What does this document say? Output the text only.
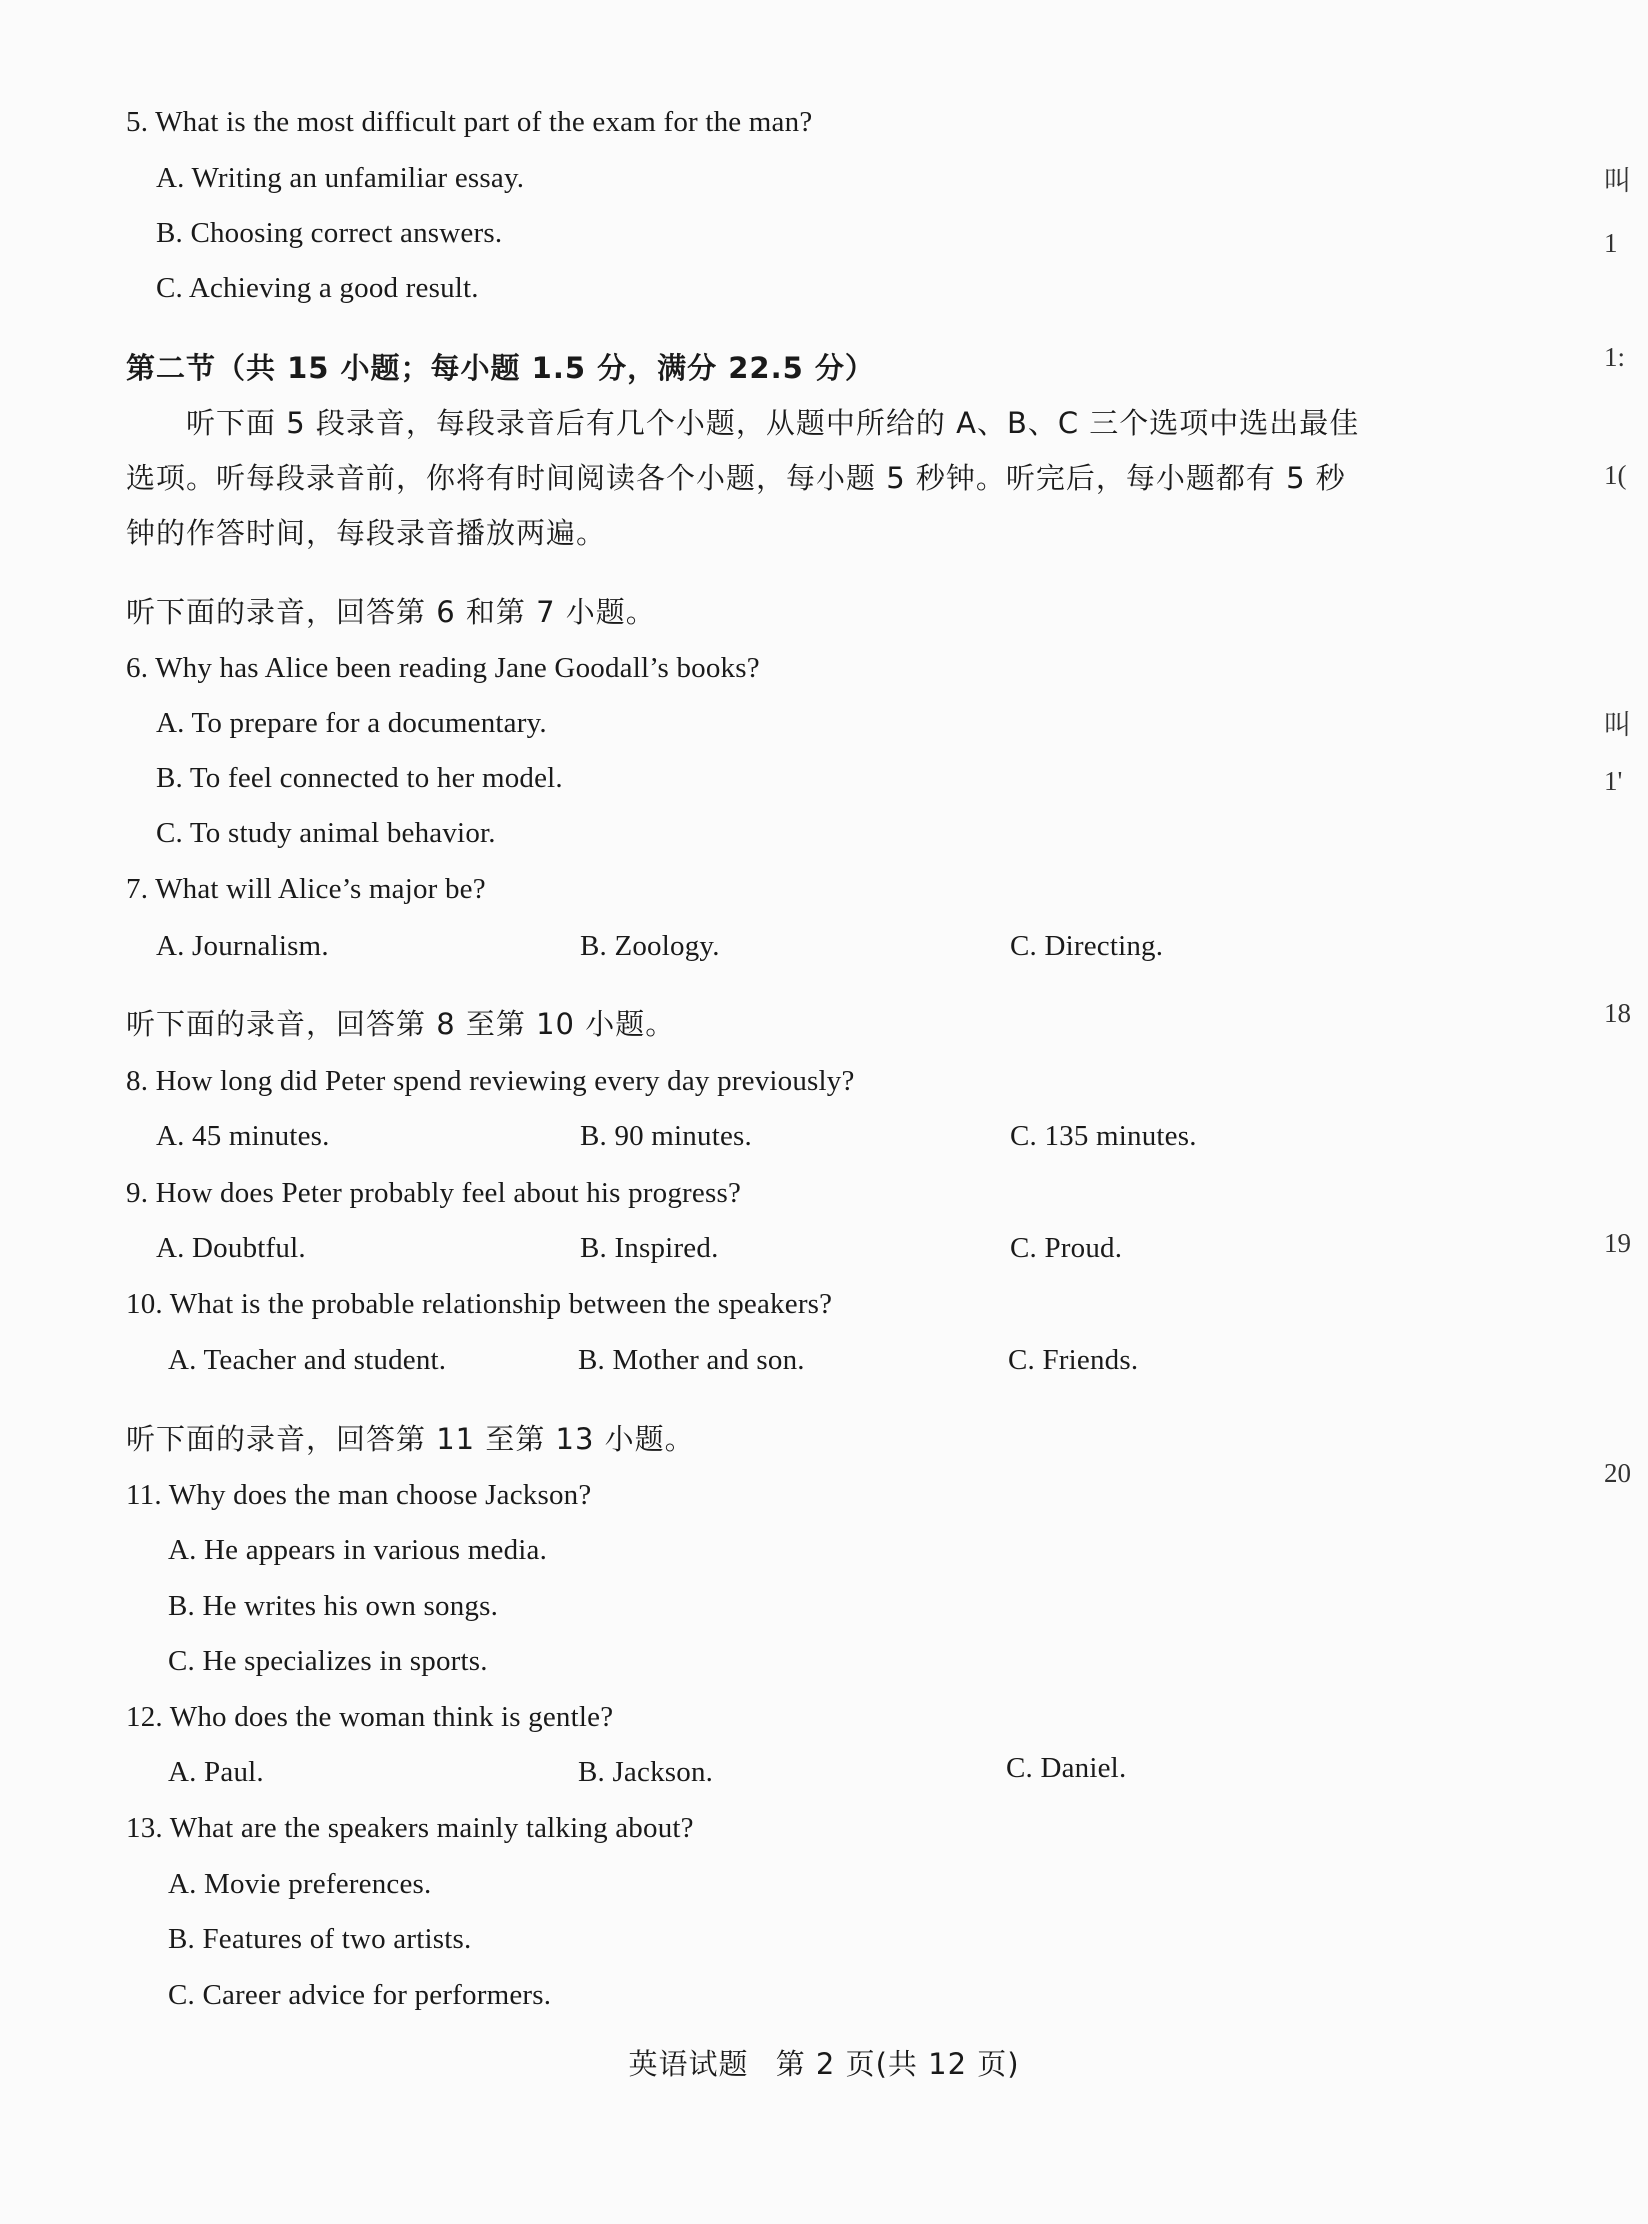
5. What is the most difficult part of the exam for the man?
A. Writing an unfamiliar essay.
B. Choosing correct answers.
C. Achieving a good result.
第二节（共 15 小题；每小题 1.5 分，满分 22.5 分）
听下面 5 段录音，每段录音后有几个小题，从题中所给的 A、B、C 三个选项中选出最佳
选项。听每段录音前，你将有时间阅读各个小题，每小题 5 秒钟。听完后，每小题都有 5 秒
钟的作答时间，每段录音播放两遍。
听下面的录音，回答第 6 和第 7 小题。
6. Why has Alice been reading Jane Goodall’s books?
A. To prepare for a documentary.
B. To feel connected to her model.
C. To study animal behavior.
7. What will Alice’s major be?
A. Journalism.	B. Zoology.	C. Directing.
听下面的录音，回答第 8 至第 10 小题。
8. How long did Peter spend reviewing every day previously?
A. 45 minutes.	B. 90 minutes.	C. 135 minutes.
9. How does Peter probably feel about his progress?
A. Doubtful.	B. Inspired.	C. Proud.
10. What is the probable relationship between the speakers?
A. Teacher and student.	B. Mother and son.	C. Friends.
听下面的录音，回答第 11 至第 13 小题。
11. Why does the man choose Jackson?
A. He appears in various media.
B. He writes his own songs.
C. He specializes in sports.
12. Who does the woman think is gentle?
A. Paul.	B. Jackson.	C. Daniel.
13. What are the speakers mainly talking about?
A. Movie preferences.
B. Features of two artists.
C. Career advice for performers.
叫
1
1:
1(
叫
1'
18
19
20
英语试题 第 2 页(共 12 页)
